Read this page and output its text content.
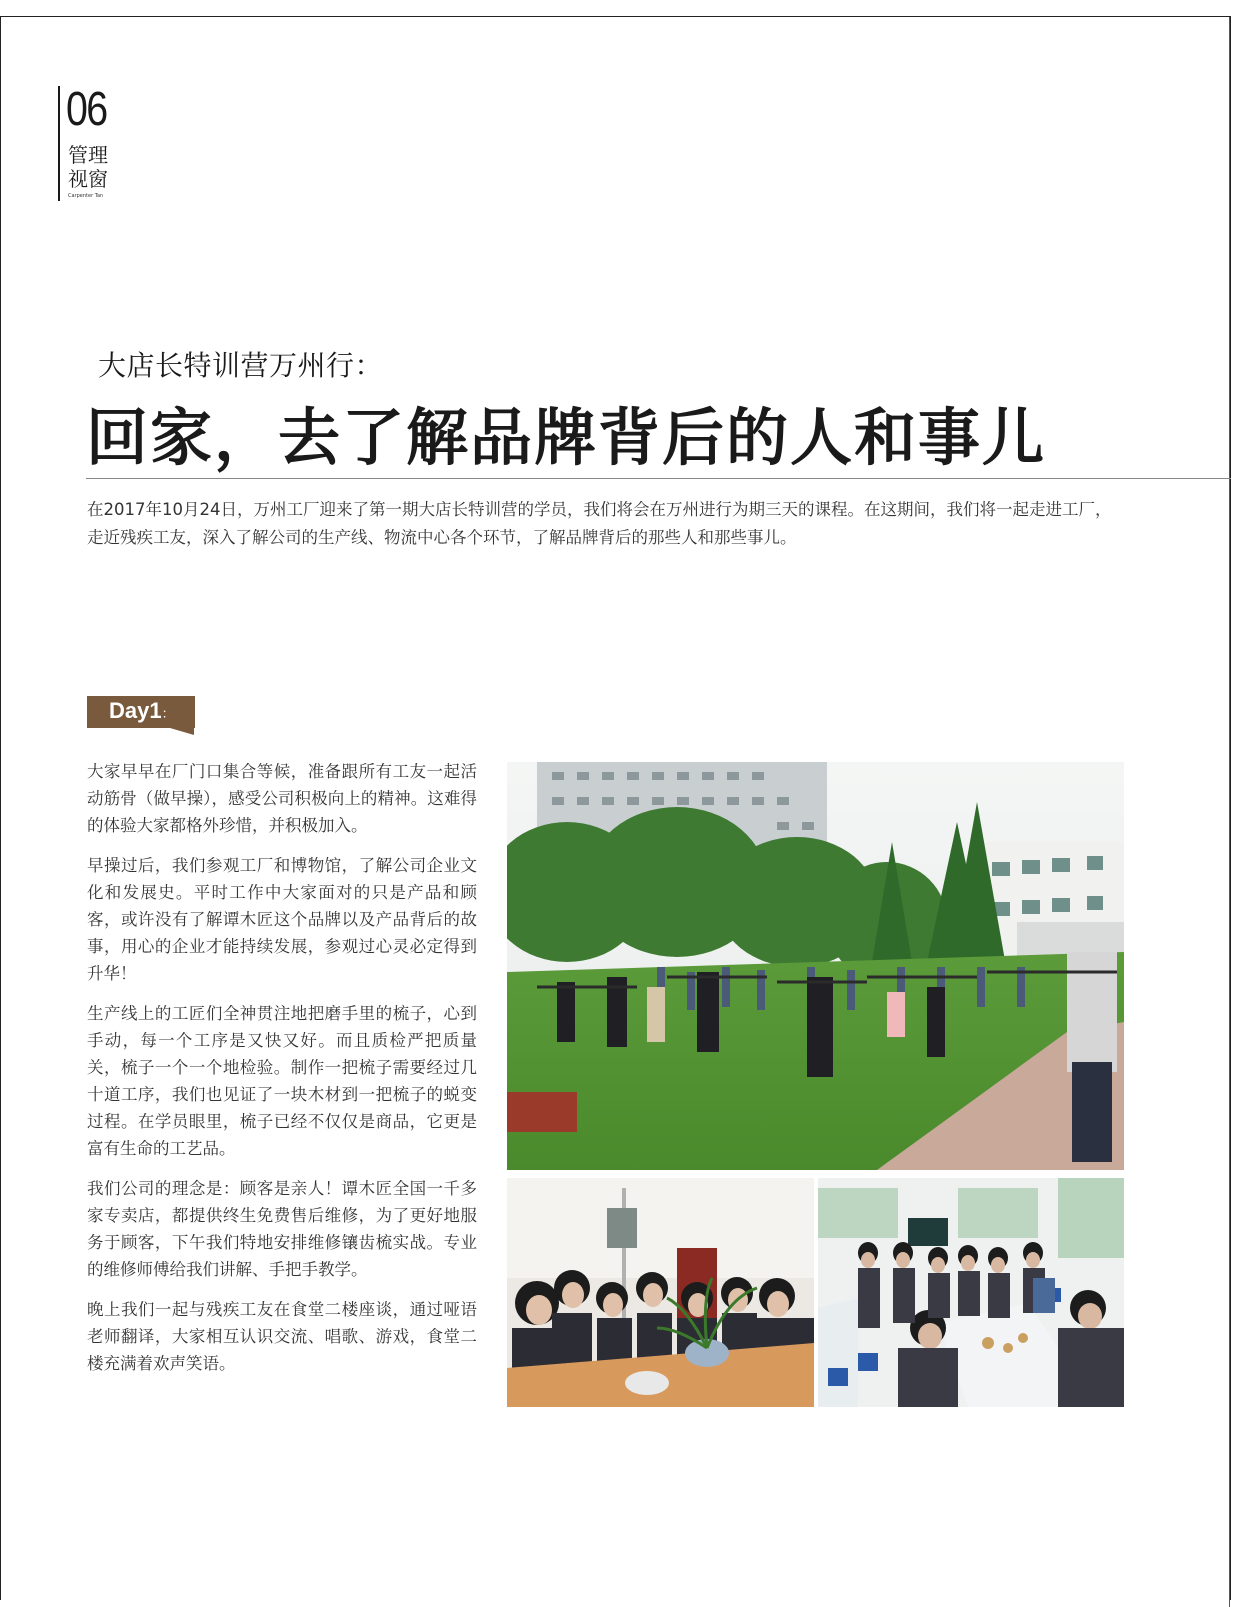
06
管理
视窗
Carpenter Tan
大店长特训营万州行：
回家，去了解品牌背后的人和事儿
在2017年10月24日，万州工厂迎来了第一期大店长特训营的学员，我们将会在万州进行为期三天的课程。在这期间，我们将一起走进工厂，走近残疾工友，深入了解公司的生产线、物流中心各个环节，了解品牌背后的那些人和那些事儿。
Day1：

大家早早在厂门口集合等候，准备跟所有工友一起活动筋骨（做早操），感受公司积极向上的精神。这难得的体验大家都格外珍惜，并积极加入。

早操过后，我们参观工厂和博物馆，了解公司企业文化和发展史。平时工作中大家面对的只是产品和顾客，或许没有了解谭木匠这个品牌以及产品背后的故事，用心的企业才能持续发展，参观过心灵必定得到升华！

生产线上的工匠们全神贯注地把磨手里的梳子，心到手动，每一个工序是又快又好。而且质检严把质量关，梳子一个一个地检验。制作一把梳子需要经过几十道工序，我们也见证了一块木材到一把梳子的蜕变过程。在学员眼里，梳子已经不仅仅是商品，它更是富有生命的工艺品。

我们公司的理念是：顾客是亲人！谭木匠全国一千多家专卖店，都提供终生免费售后维修，为了更好地服务于顾客，下午我们特地安排维修镶齿梳实战。专业的维修师傅给我们讲解、手把手教学。

晚上我们一起与残疾工友在食堂二楼座谈，通过哑语老师翻译，大家相互认识交流、唱歌、游戏，食堂二楼充满着欢声笑语。
